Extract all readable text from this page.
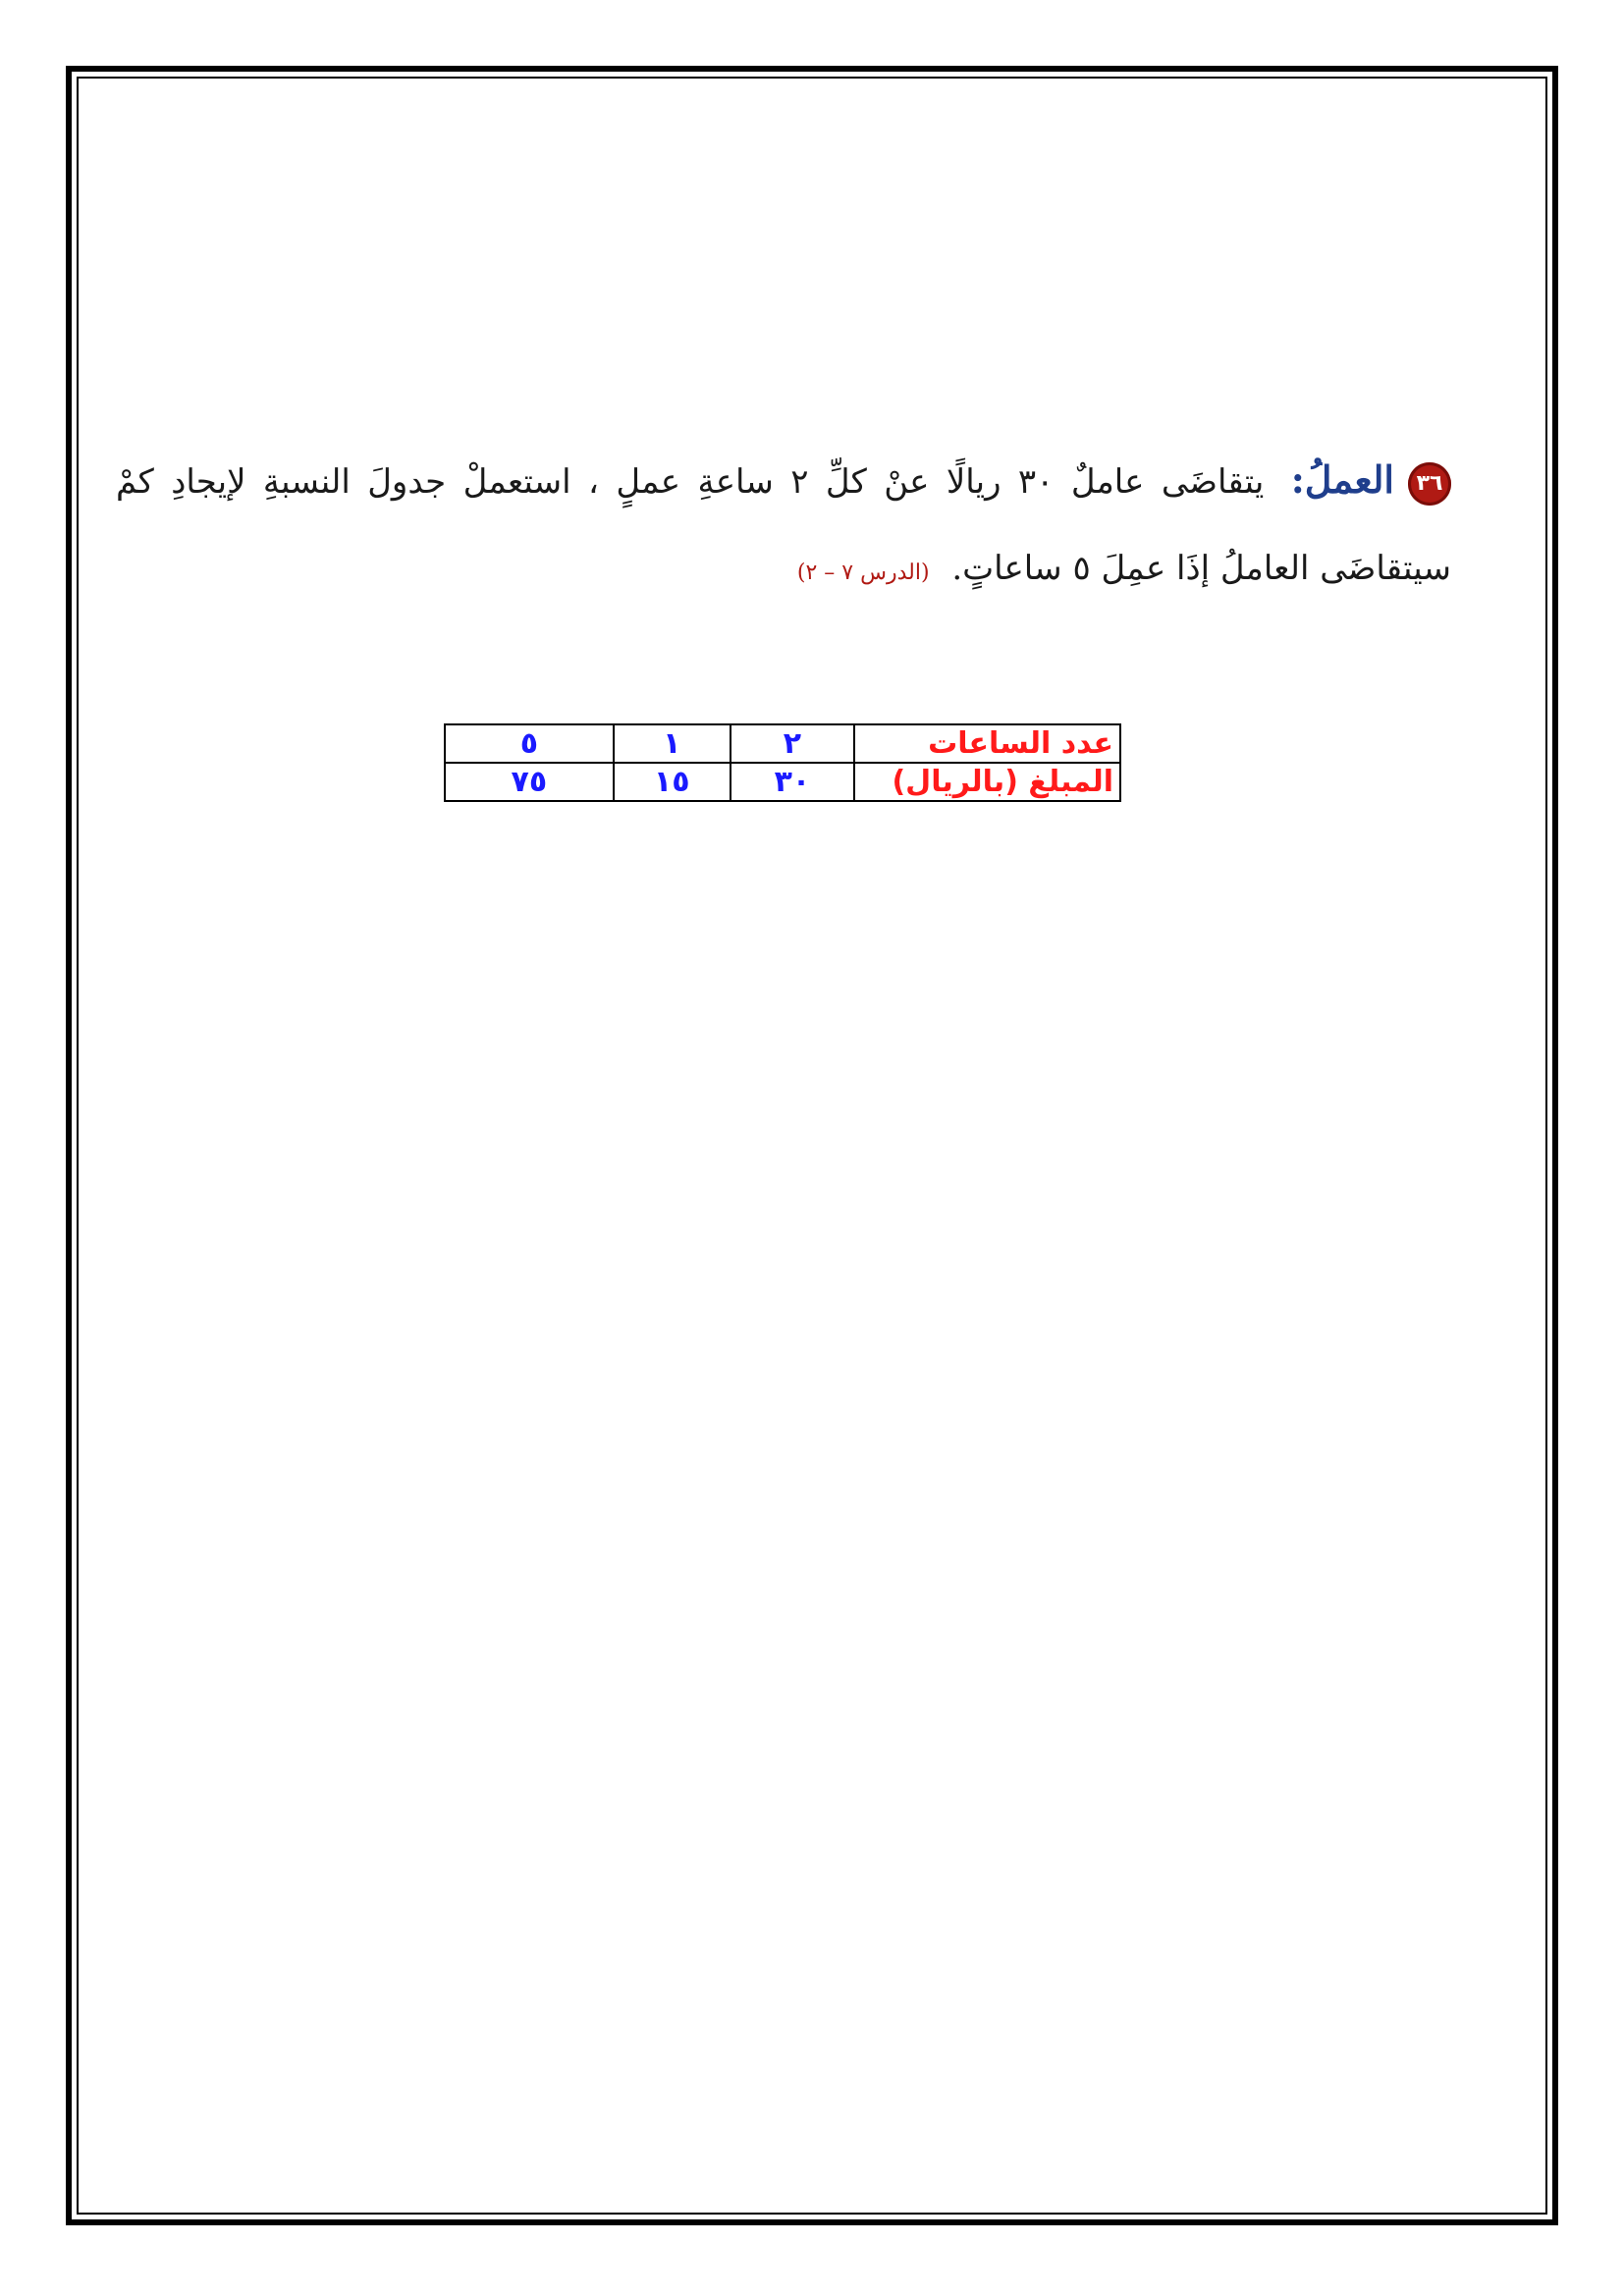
٣٦العملُ: يتقاضَى عاملٌ ٣٠ ريالًا عنْ كلِّ ٢ ساعةِ عملٍ ، استعملْ جدولَ النسبةِ لإيجادِ كمْ سيتقاضَى العاملُ إذَا عمِلَ ٥ ساعاتٍ. (الدرس ٧ – ٢)
عدد الساعات	٢	١	٥
المبلغ (بالريال)	٣٠	١٥	٧٥
